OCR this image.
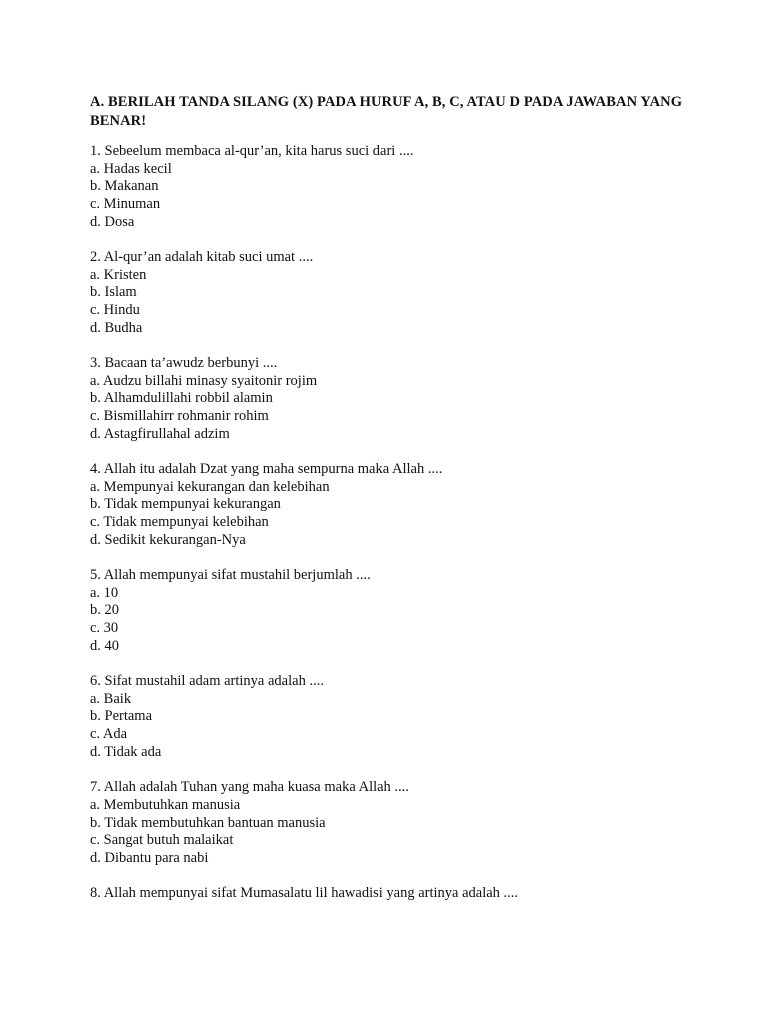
A. BERILAH TANDA SILANG (X) PADA HURUF A, B, C, ATAU D PADA JAWABAN YANG BENAR!
1. Sebeelum membaca al-qur’an, kita harus suci dari ....
a. Hadas kecil
b. Makanan
c. Minuman
d. Dosa
2. Al-qur’an adalah kitab suci umat ....
a. Kristen
b. Islam
c. Hindu
d. Budha
3. Bacaan ta’awudz berbunyi ....
a. Audzu billahi minasy syaitonir rojim
b. Alhamdulillahi robbil alamin
c. Bismillahirr rohmanir rohim
d. Astagfirullahal adzim
4. Allah itu adalah Dzat yang maha sempurna maka Allah ....
a. Mempunyai kekurangan dan kelebihan
b. Tidak mempunyai kekurangan
c. Tidak mempunyai kelebihan
d. Sedikit kekurangan-Nya
5. Allah mempunyai sifat mustahil berjumlah ....
a. 10
b. 20
c. 30
d. 40
6. Sifat mustahil adam artinya adalah ....
a. Baik
b. Pertama
c. Ada
d. Tidak ada
7. Allah adalah Tuhan yang maha kuasa maka Allah ....
a. Membutuhkan manusia
b. Tidak membutuhkan bantuan manusia
c. Sangat butuh malaikat
d. Dibantu para nabi
8. Allah mempunyai sifat Mumasalatu lil hawadisi yang artinya adalah ....
